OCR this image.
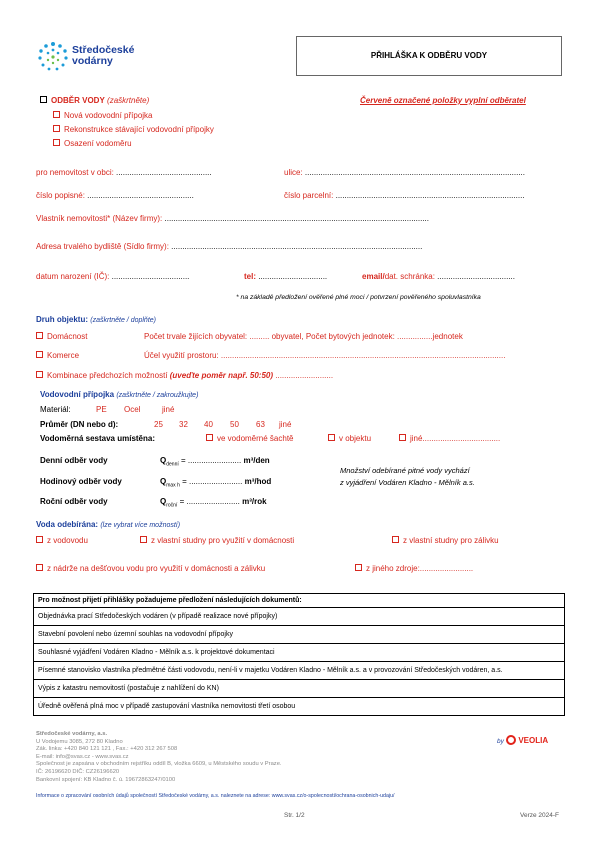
Středočeské
vodárny	PŘIHLÁŠKA K ODBĚRU VODY
ODBĚR VODY (zaškrtněte)	Červeně označené položky vyplní odběratel
Nová vodovodní přípojka
Rekonstrukce stávající vodovodní přípojky
Osazení vodoměru
pro nemovitost v obci: ...........................................	ulice: ...................................................................................................
číslo popisné: ................................................	číslo parcelní: .....................................................................................
Vlastník nemovitosti* (Název firmy): .......................................................................................................................
Adresa trvalého bydliště (Sídlo firmy): .................................................................................................................
datum narození (IČ): ...................................	tel: ...............................	email/dat. schránka: ...................................
* na základě předložení ověřené plné moci / potvrzení pověřeného spoluvlastníka
Druh objektu: (zaškrtněte / doplňte)
Domácnost	Počet trvale žijících obyvatel: ......... obyvatel, Počet bytových jednotek: ................jednotek
Komerce	Účel využití prostoru: ................................................................................................................................
Kombinace předchozích možností (uveďte poměr např. 50:50) ..........................
Vodovodní přípojka (zaškrtněte / zakroužkujte)
Materiál:	PE Ocel	jiné
Průměr (DN nebo d):	25 32 40 50 63 jiné
Vodoměrná sestava umístěna:	ve vodoměrné šachtě	v objektu	jiné...................................
Denní odběr vody	$Q_{denní}$ = ........................ m³/den
Hodinový odběr vody	$Q_{max h}$ = ........................ m³/hod
Roční odběr vody	$Q_{roční}$ = ........................ m³/rok
Množství odebírané pitné vody vychází
z vyjádření Vodáren Kladno - Mělník a.s.
Voda odebírána: (lze vybrat více možností)
z vodovodu	z vlastní studny pro využití v domácnosti	z vlastní studny pro zálivku
z nádrže na dešťovou vodu pro využití v domácnosti a zálivku	z jiného zdroje:........................
Pro možnost přijetí přihlášky požadujeme předložení následujících dokumentů:
Objednávka prací Středočeských vodáren (v případě realizace nové přípojky)
Stavební povolení nebo územní souhlas na vodovodní přípojky
Souhlasné vyjádření Vodáren Kladno - Mělník a.s. k projektové dokumentaci
Písemné stanovisko vlastníka předmětné části vodovodu, není-li v majetku Vodáren Kladno - Mělník a.s. a v provozování Středočeských vodáren, a.s.
Výpis z katastru nemovitostí (postačuje z nahlížení do KN)
Úředně ověřená plná moc v případě zastupování vlastníka nemovitosti třetí osobou
Středočeské vodárny, a.s.
U Vodojemu 3085, 272 80 Kladno
Zák. linka: +420 840 121 121 , Fax.: +420 312 267 508
E-mail: info@svas.cz - www.svas.cz
Společnost je zapsána v obchodním rejstříku oddíl B, vložka 6609, u Městského soudu v Praze.
IČ: 26196620 DIČ: CZ26196620
Bankovní spojení: KB Kladno č. ú. 19672863247/0100
by VEOLIA
Informace o zpracování osobních údajů společností Středočeské vodárny, a.s. naleznete na adrese: www.svas.cz/o-spolecnosti/ochrana-osobnich-udaju/
Str. 1/2	Verze 2024-F
